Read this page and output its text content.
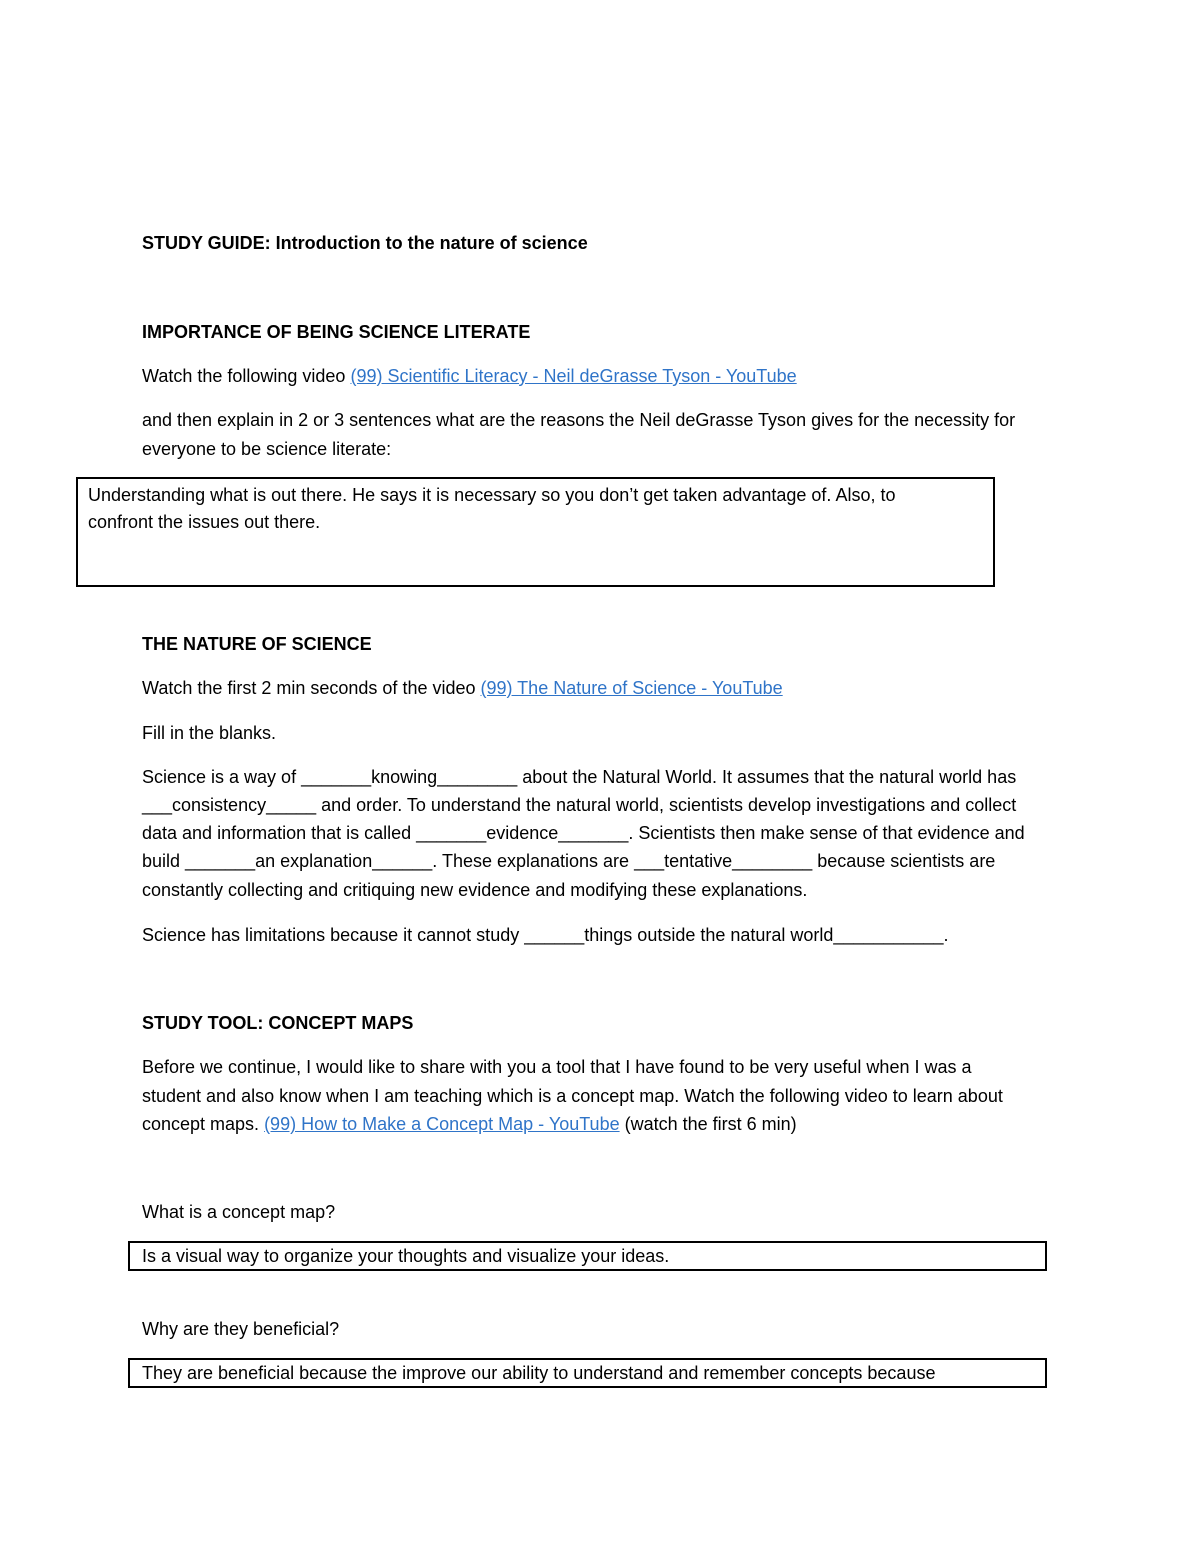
STUDY GUIDE: Introduction to the nature of science
IMPORTANCE OF BEING SCIENCE LITERATE
Watch the following video (99) Scientific Literacy - Neil deGrasse Tyson - YouTube
and then explain in 2 or 3 sentences what are the reasons the Neil deGrasse Tyson gives for the necessity for
everyone to be science literate:
Understanding what is out there. He says it is necessary so you don’t get taken advantage of. Also, to
confront the issues out there.
THE NATURE OF SCIENCE
Watch the first 2 min seconds of the video (99) The Nature of Science - YouTube
Fill in the blanks.
Science is a way of _______knowing________ about the Natural World. It assumes that the natural world has
___consistency_____ and order. To understand the natural world, scientists develop investigations and collect
data and information that is called _______evidence_______. Scientists then make sense of that evidence and
build _______an explanation______. These explanations are ___tentative________ because scientists are
constantly collecting and critiquing new evidence and modifying these explanations.
Science has limitations because it cannot study ______things outside the natural world___________.
STUDY TOOL: CONCEPT MAPS
Before we continue, I would like to share with you a tool that I have found to be very useful when I was a
student and also know when I am teaching which is a concept map. Watch the following video to learn about
concept maps. (99) How to Make a Concept Map - YouTube (watch the first 6 min)
What is a concept map?
Is a visual way to organize your thoughts and visualize your ideas.
Why are they beneficial?
They are beneficial because the improve our ability to understand and remember concepts because
